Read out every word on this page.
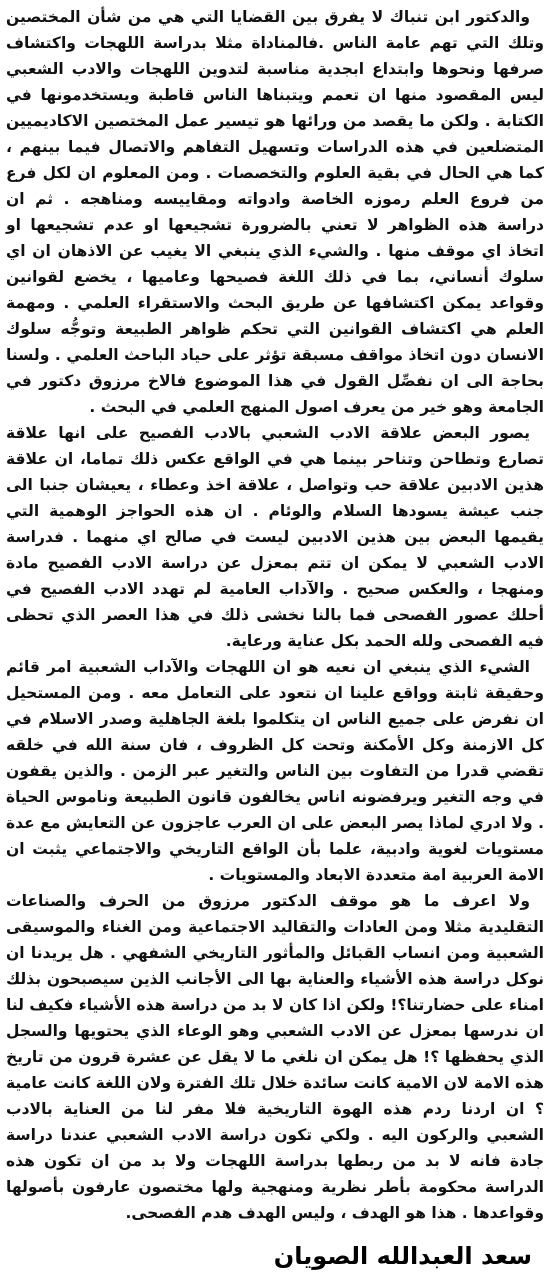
والدكتور ابن تنباك لا يفرق بين القضايا التي هي من شأن المختصين وتلك التي تهم عامة الناس .فالمناداة مثلا بدراسة اللهجات واكتشاف صرفها ونحوها وابتداع ابجدية مناسبة لتدوين اللهجات والادب الشعبي ليس المقصود منها ان تعمم ويتبناها الناس قاطبة ويستخدمونها في الكتابة . ولكن ما يقصد من ورائها هو تيسير عمل المختصين الاكاديميين المتضلعين في هذه الدراسات وتسهيل التفاهم والاتصال فيما بينهم ، كما هي الحال في بقية العلوم والتخصصات . ومن المعلوم ان لكل فرع من فروع العلم رموزه الخاصة وادواته ومقاييسه ومناهجه . ثم ان دراسة هذه الظواهر لا تعني بالضرورة تشجيعها او عدم تشجيعها او اتخاذ اي موقف منها . والشيء الذي ينبغي الا يغيب عن الاذهان ان اي سلوك أنساني، بما في ذلك اللغة فصيحها وعاميها ، يخضع لقوانين وقواعد يمكن اكتشافها عن طريق البحث والاستقراء العلمي . ومهمة العلم هي اكتشاف القوانين التي تحكم ظواهر الطبيعة وتوجُّه سلوك الانسان دون اتخاذ مواقف مسبقة تؤثر على حياد الباحث العلمي . ولسنا بحاجة الى ان نفصِّل القول في هذا الموضوع فالاخ مرزوق دكتور في الجامعة وهو خير من يعرف اصول المنهج العلمي في البحث .

يصور البعض علاقة الادب الشعبي بالادب الفصيح على انها علاقة تصارع وتطاحن وتناحر بينما هي في الواقع عكس ذلك تماما، ان علاقة هذين الادبين علاقة حب وتواصل ، علاقة اخذ وعطاء ، يعيشان جنبا الى جنب عيشة يسودها السلام والوئام . ان هذه الحواجز الوهمية التي يقيمها البعض بين هذين الادبين ليست في صالح اي منهما . فدراسة الادب الشعبي لا يمكن ان تتم بمعزل عن دراسة الادب الفصيح مادة ومنهجا ، والعكس صحيح . والآداب العامية لم تهدد الادب الفصيح في أحلك عصور الفصحى فما بالنا نخشى ذلك في هذا العصر الذي تحظى فيه الفصحى ولله الحمد بكل عناية ورعاية.

الشيء الذي ينبغي ان نعيه هو ان اللهجات والآداب الشعبية امر قائم وحقيقة ثابتة وواقع علينا ان نتعود على التعامل معه . ومن المستحيل ان نفرض على جميع الناس ان يتكلموا بلغة الجاهلية وصدر الاسلام في كل الازمنة وكل الأمكنة وتحت كل الظروف ، فان سنة الله في خلقه تقضي قدرا من التفاوت بين الناس والتغير عبر الزمن . والذين يقفون في وجه التغير ويرفضونه اناس يخالفون قانون الطبيعة وناموس الحياة . ولا ادري لماذا يصر البعض على ان العرب عاجزون عن التعايش مع عدة مستويات لغوية وادبية، علما بأن الواقع التاريخي والاجتماعي يثبت ان الامة العربية امة متعددة الابعاد والمستويات .

ولا اعرف ما هو موقف الدكتور مرزوق من الحرف والصناعات التقليدية مثلا ومن العادات والتقاليد الاجتماعية ومن الغناء والموسيقى الشعبية ومن انساب القبائل والمأثور التاريخي الشفهي . هل يريدنا ان نوكل دراسة هذه الأشياء والعناية بها الى الأجانب الذين سيصبحون بذلك امناء على حضارتنا؟! ولكن اذا كان لا بد من دراسة هذه الأشياء فكيف لنا ان ندرسها بمعزل عن الادب الشعبي وهو الوعاء الذي يحتويها والسجل الذي يحفظها ؟! هل يمكن ان نلغي ما لا يقل عن عشرة قرون من تاريخ هذه الامة لان الامية كانت سائدة خلال تلك الفترة ولان اللغة كانت عامية ؟ ان اردنا ردم هذه الهوة التاريخية فلا مفر لنا من العناية بالادب الشعبي والركون اليه . ولكي تكون دراسة الادب الشعبي عندنا دراسة جادة فانه لا بد من ربطها بدراسة اللهجات ولا بد من ان تكون هذه الدراسة محكومة بأطر نظرية ومنهجية ولها مختصون عارفون بأصولها وقواعدها . هذا هو الهدف ، وليس الهدف هدم الفصحى.

سعد العبدالله الصويان
